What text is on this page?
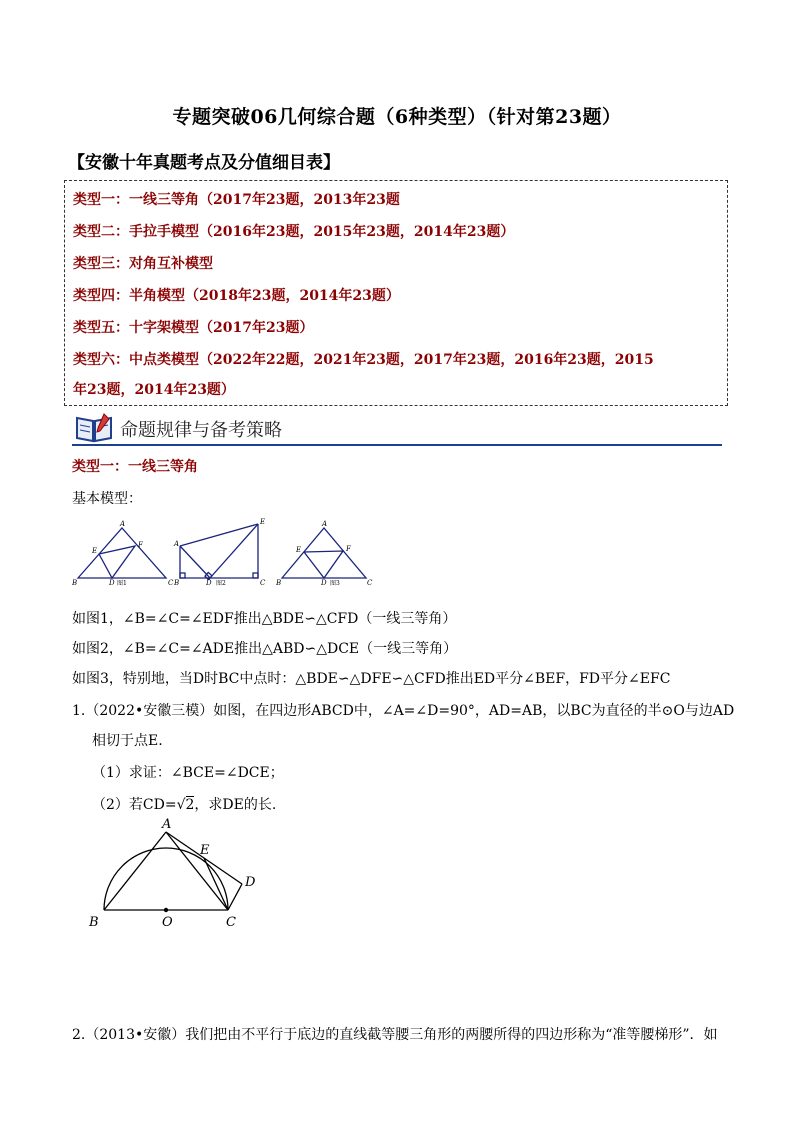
专题突破06几何综合题（6种类型）（针对第23题）
【安徽十年真题考点及分值细目表】
类型一：一线三等角（2017年23题，2013年23题
类型二：手拉手模型（2016年23题，2015年23题，2014年23题）
类型三：对角互补模型
类型四：半角模型（2018年23题，2014年23题）
类型五：十字架模型（2017年23题）
类型六：中点类模型（2022年22题，2021年23题，2017年23题，2016年23题，2015
年23题，2014年23题）
命题规律与备考策略
类型一：一线三等角
基本模型：
A
E
F
B	D	C
图1
E
A
B	D	C
图2
A
E	F
B	D	C
图3
如图1，∠B=∠C=∠EDF推出△BDE∽△CFD（一线三等角）
如图2，∠B=∠C=∠ADE推出△ABD∽△DCE（一线三等角）
如图3，特别地，当D时BC中点时：△BDE∽△DFE∽△CFD推出ED平分∠BEF，FD平分∠EFC
1.（2022•安徽三模）如图，在四边形ABCD中，∠A=∠D=90°，AD=AB，以BC为直径的半⊙O与边AD
相切于点E.
（1）求证：∠BCE=∠DCE；
（2）若CD=√2，求DE的长.
A
E
D
B	O	C
2.（2013•安徽）我们把由不平行于底边的直线截等腰三角形的两腰所得的四边形称为“准等腰梯形”．如
